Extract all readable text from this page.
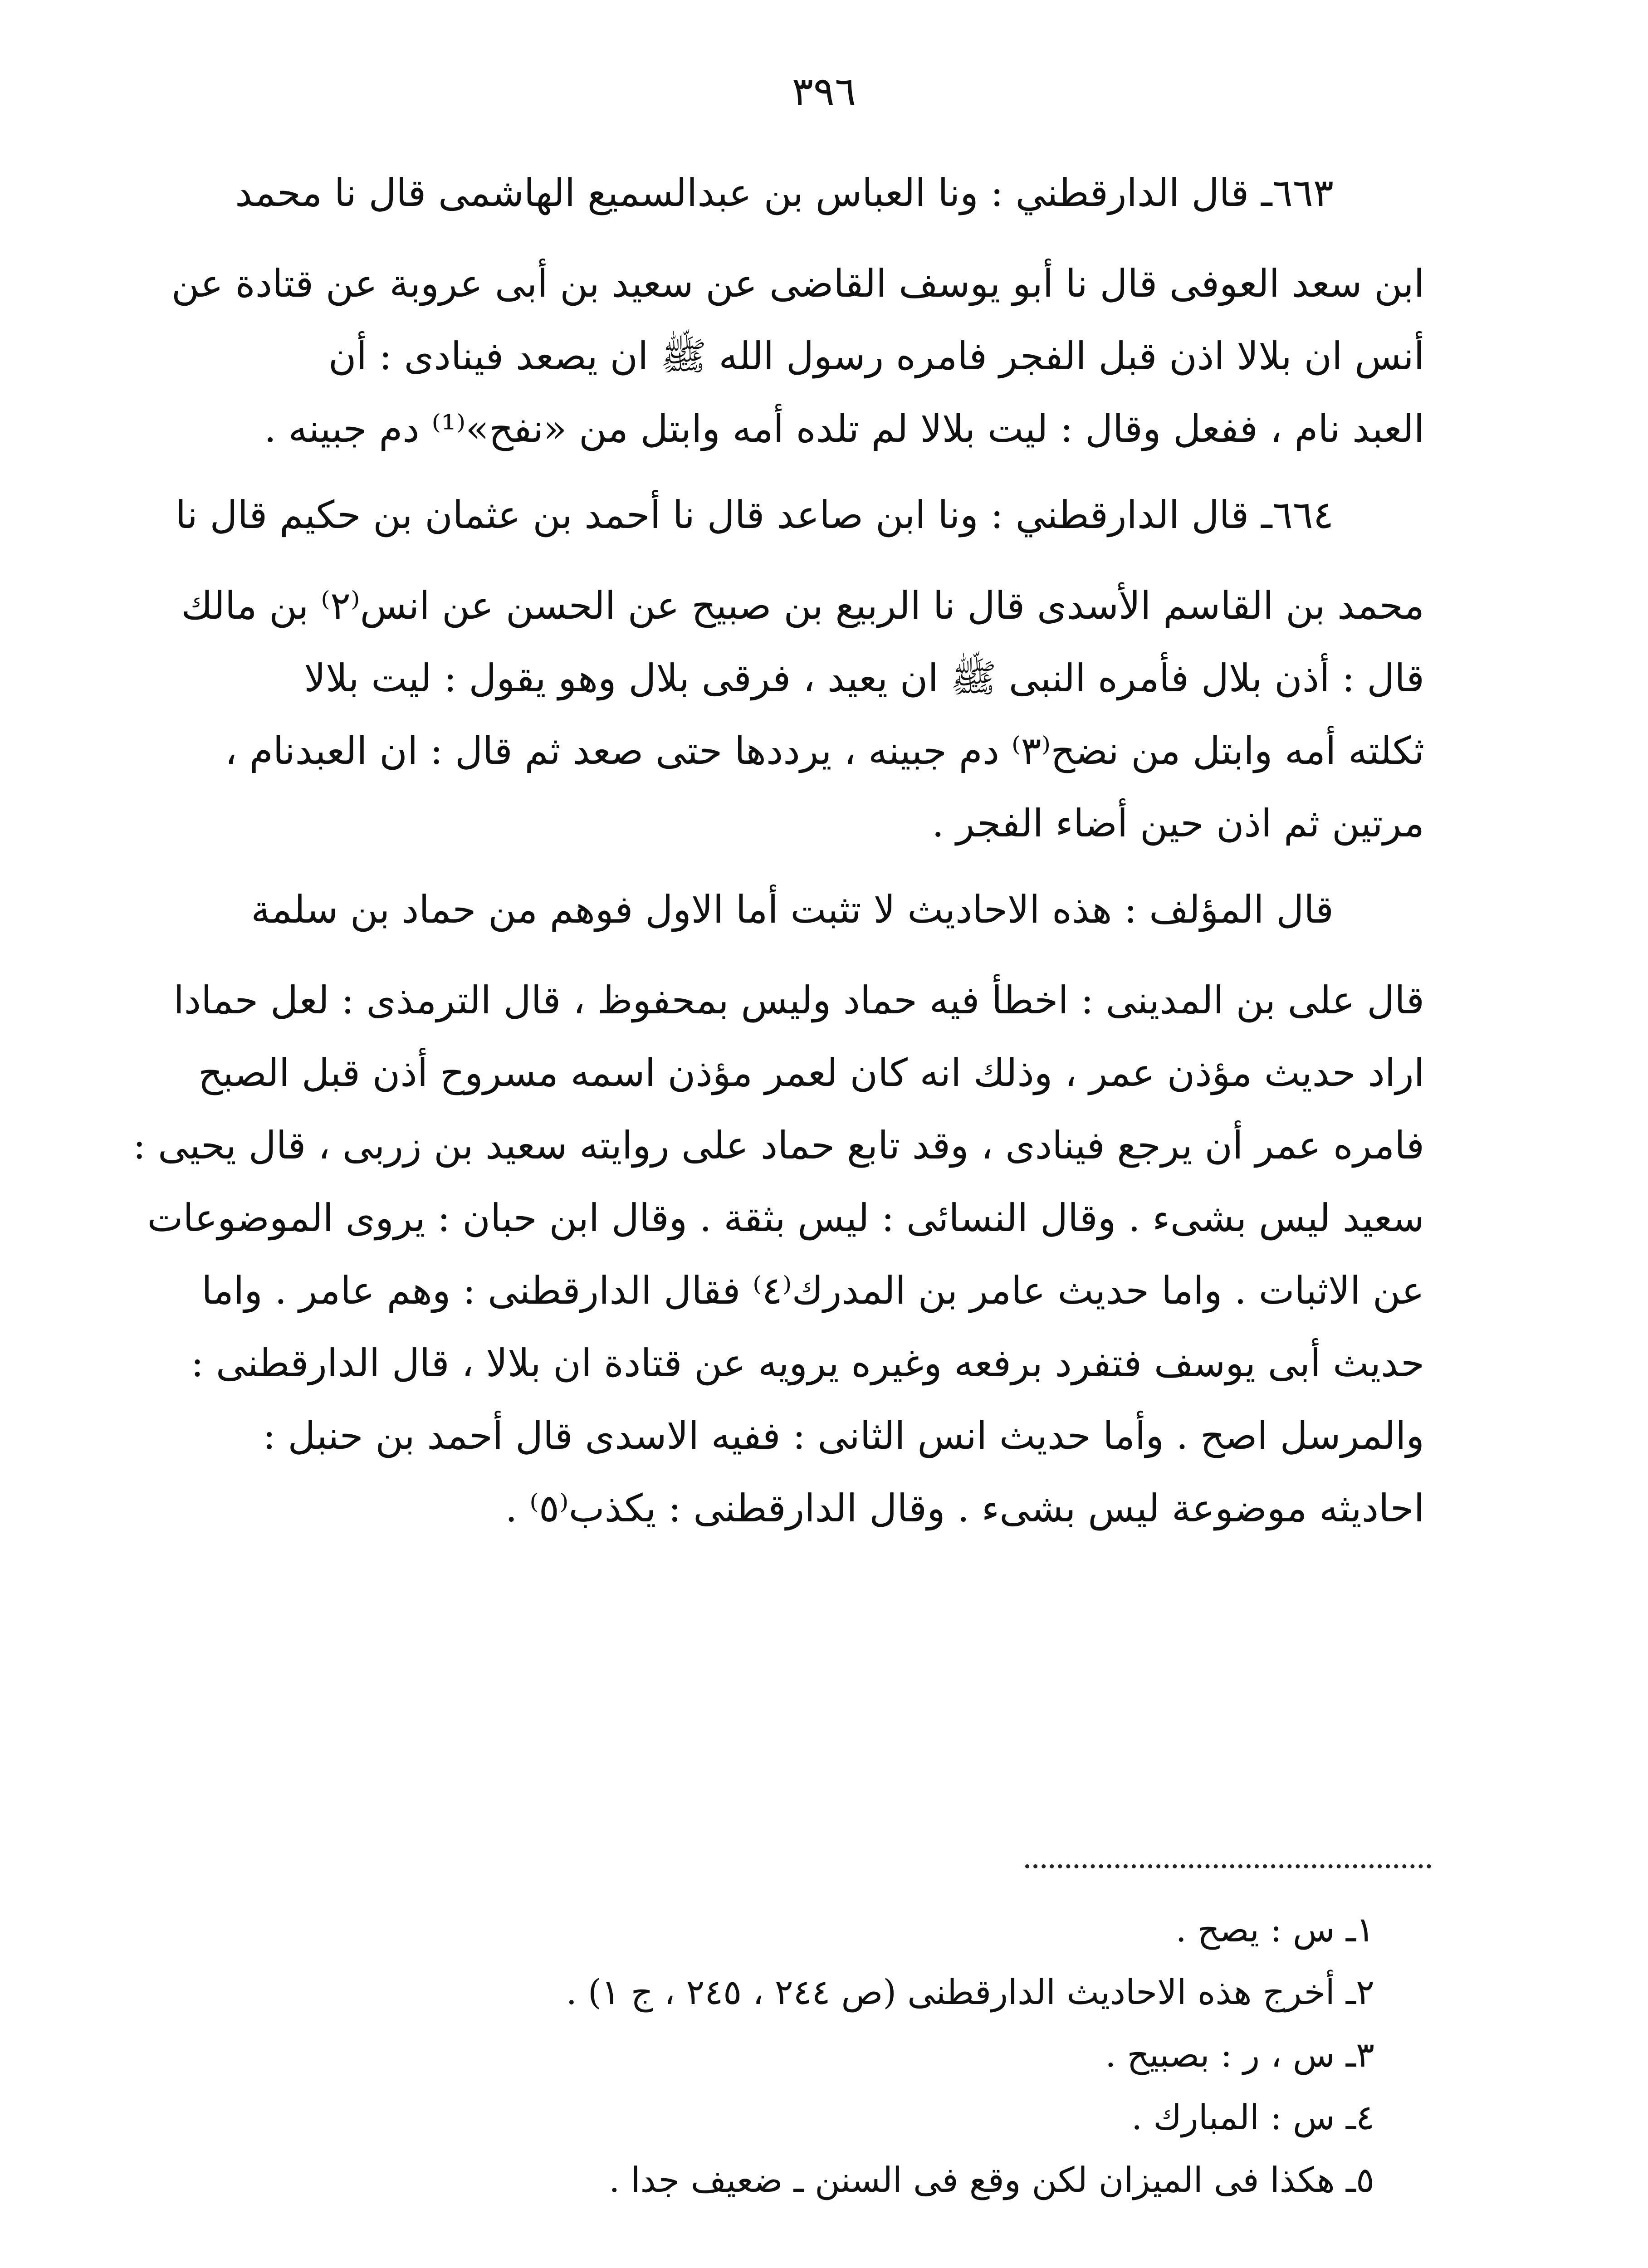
٣٩٦

٦٦٣ـ قال الدارقطني : ونا العباس بن عبدالسميع الهاشمى قال نا محمد

ابن سعد العوفى قال نا أبو يوسف القاضى عن سعيد بن أبى عروبة عن قتادة عن

أنس ان بلالا اذن قبل الفجر فامره رسول الله ﷺ ان يصعد فينادى : أن

العبد نام ، ففعل وقال : ليت بلالا لم تلده أمه وابتل من «نفح»⁽¹⁾ دم جبينه .

٦٦٤ـ قال الدارقطني : ونا ابن صاعد قال نا أحمد بن عثمان بن حكيم قال نا

محمد بن القاسم الأسدى قال نا الربيع بن صبيح عن الحسن عن انس⁽٢⁾ بن مالك

قال : أذن بلال فأمره النبى ﷺ ان يعيد ، فرقى بلال وهو يقول : ليت بلالا

ثكلته أمه وابتل من نضح⁽٣⁾ دم جبينه ، يرددها حتى صعد ثم قال : ان العبدنام ،

مرتين ثم اذن حين أضاء الفجر .

قال المؤلف : هذه الاحاديث لا تثبت أما الاول فوهم من حماد بن سلمة

قال على بن المدينى : اخطأ فيه حماد وليس بمحفوظ ، قال الترمذى : لعل حمادا

اراد حديث مؤذن عمر ، وذلك انه كان لعمر مؤذن اسمه مسروح أذن قبل الصبح

فامره عمر أن يرجع فينادى ، وقد تابع حماد على روايته سعيد بن زربى ، قال يحيى :

سعيد ليس بشىء . وقال النسائى : ليس بثقة . وقال ابن حبان : يروى الموضوعات

عن الاثبات . واما حديث عامر بن المدرك⁽٤⁾ فقال الدارقطنى : وهم عامر . واما

حديث أبى يوسف فتفرد برفعه وغيره يرويه عن قتادة ان بلالا ، قال الدارقطنى :

والمرسل اصح . وأما حديث انس الثانى : ففيه الاسدى قال أحمد بن حنبل :

احاديثه موضوعة ليس بشىء . وقال الدارقطنى : يكذب⁽٥⁾ .

١ـ س : يصح .

٢ـ أخرج هذه الاحاديث الدارقطنى (ص ٢٤٤ ، ٢٤٥ ، ج ١) .

٣ـ س ، ر : بصبيح .

٤ـ س : المبارك .

٥ـ هكذا فى الميزان لكن وقع فى السنن ـ ضعيف جدا .
